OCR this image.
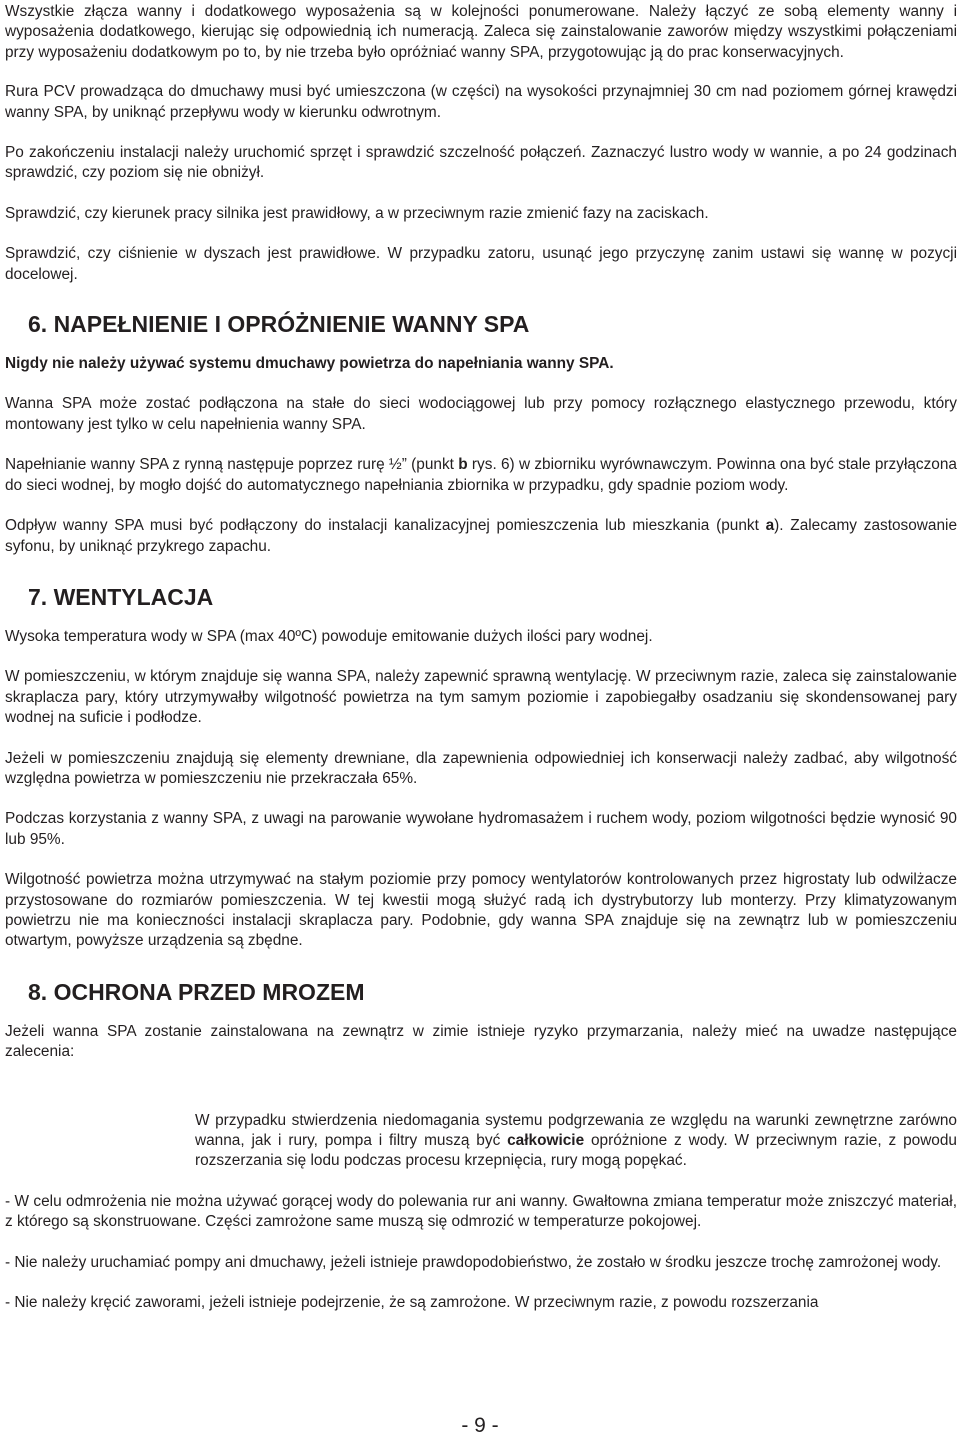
Wszystkie złącza wanny i dodatkowego wyposażenia są w kolejności ponumerowane. Należy łączyć ze sobą elementy wanny i wyposażenia dodatkowego, kierując się odpowiednią ich numeracją. Zaleca się zainstalowanie zaworów między wszystkimi połączeniami przy wyposażeniu dodatkowym po to, by nie trzeba było opróżniać wanny SPA, przygotowując ją do prac konserwacyjnych.

Rura PCV prowadząca do dmuchawy musi być umieszczona (w części) na wysokości przynajmniej 30 cm nad poziomem górnej krawędzi wanny SPA, by uniknąć przepływu wody w kierunku odwrotnym.

Po zakończeniu instalacji należy uruchomić sprzęt i sprawdzić szczelność połączeń. Zaznaczyć lustro wody w wannie, a po 24 godzinach sprawdzić, czy poziom się nie obniżył.

Sprawdzić, czy kierunek pracy silnika jest prawidłowy, a w przeciwnym razie zmienić fazy na zaciskach.

Sprawdzić, czy ciśnienie w dyszach jest prawidłowe. W przypadku zatoru, usunąć jego przyczynę zanim ustawi się wannę w pozycji docelowej.

6. NAPEŁNIENIE I OPRÓŻNIENIE WANNY SPA

Nigdy nie należy używać systemu dmuchawy powietrza do napełniania wanny SPA.

Wanna SPA może zostać podłączona na stałe do sieci wodociągowej lub przy pomocy rozłącznego elastycznego przewodu, który montowany jest tylko w celu napełnienia wanny SPA.

Napełnianie wanny SPA z rynną następuje poprzez rurę ½” (punkt b rys. 6) w zbiorniku wyrównawczym. Powinna ona być stale przyłączona do sieci wodnej, by mogło dojść do automatycznego napełniania zbiornika w przypadku, gdy spadnie poziom wody.

Odpływ wanny SPA musi być podłączony do instalacji kanalizacyjnej pomieszczenia lub mieszkania (punkt a). Zalecamy zastosowanie syfonu, by uniknąć przykrego zapachu.

7. WENTYLACJA

Wysoka temperatura wody w SPA (max 40ºC) powoduje emitowanie dużych ilości pary wodnej.

W pomieszczeniu, w którym znajduje się wanna SPA, należy zapewnić sprawną wentylację. W przeciwnym razie, zaleca się zainstalowanie skraplacza pary, który utrzymywałby wilgotność powietrza na tym samym poziomie i zapobiegałby osadzaniu się skondensowanej pary wodnej na suficie i podłodze.

Jeżeli w pomieszczeniu znajdują się elementy drewniane, dla zapewnienia odpowiedniej ich konserwacji należy zadbać, aby wilgotność względna powietrza w pomieszczeniu nie przekraczała 65%.

Podczas korzystania z wanny SPA, z uwagi na parowanie wywołane hydromasażem i ruchem wody, poziom wilgotności będzie wynosić 90 lub 95%.

Wilgotność powietrza można utrzymywać na stałym poziomie przy pomocy wentylatorów kontrolowanych przez higrostaty lub odwilżacze przystosowane do rozmiarów pomieszczenia. W tej kwestii mogą służyć radą ich dystrybutorzy lub monterzy. Przy klimatyzowanym powietrzu nie ma konieczności instalacji skraplacza pary. Podobnie, gdy wanna SPA znajduje się na zewnątrz lub w pomieszczeniu otwartym, powyższe urządzenia są zbędne.

8. OCHRONA PRZED MROZEM

Jeżeli wanna SPA zostanie zainstalowana na zewnątrz w zimie istnieje ryzyko przymarzania, należy mieć na uwadze następujące zalecenia:

W przypadku stwierdzenia niedomagania systemu podgrzewania ze względu na warunki zewnętrzne zarówno wanna, jak i rury, pompa i filtry muszą być całkowicie opróżnione z wody. W przeciwnym razie, z powodu rozszerzania się lodu podczas procesu krzepnięcia, rury mogą popękać.

- W celu odmrożenia nie można używać gorącej wody do polewania rur ani wanny. Gwałtowna zmiana temperatur może zniszczyć materiał, z którego są skonstruowane. Części zamrożone same muszą się odmrozić w temperaturze pokojowej.

- Nie należy uruchamiać pompy ani dmuchawy, jeżeli istnieje prawdopodobieństwo, że zostało w środku jeszcze trochę zamrożonej wody.

- Nie należy kręcić zaworami, jeżeli istnieje podejrzenie, że są zamrożone. W przeciwnym razie, z powodu rozszerzania

- 9 -
